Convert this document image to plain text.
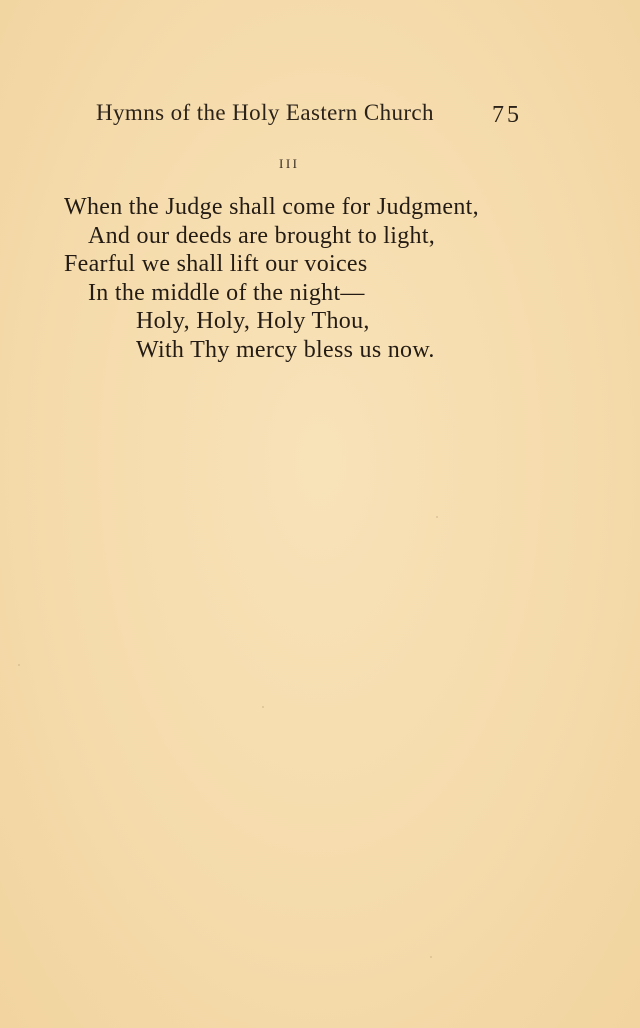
Hymns of the Holy Eastern Church 75
III
When the Judge shall come for Judgment,
And our deeds are brought to light,
Fearful we shall lift our voices
In the middle of the night—
Holy, Holy, Holy Thou,
With Thy mercy bless us now.
